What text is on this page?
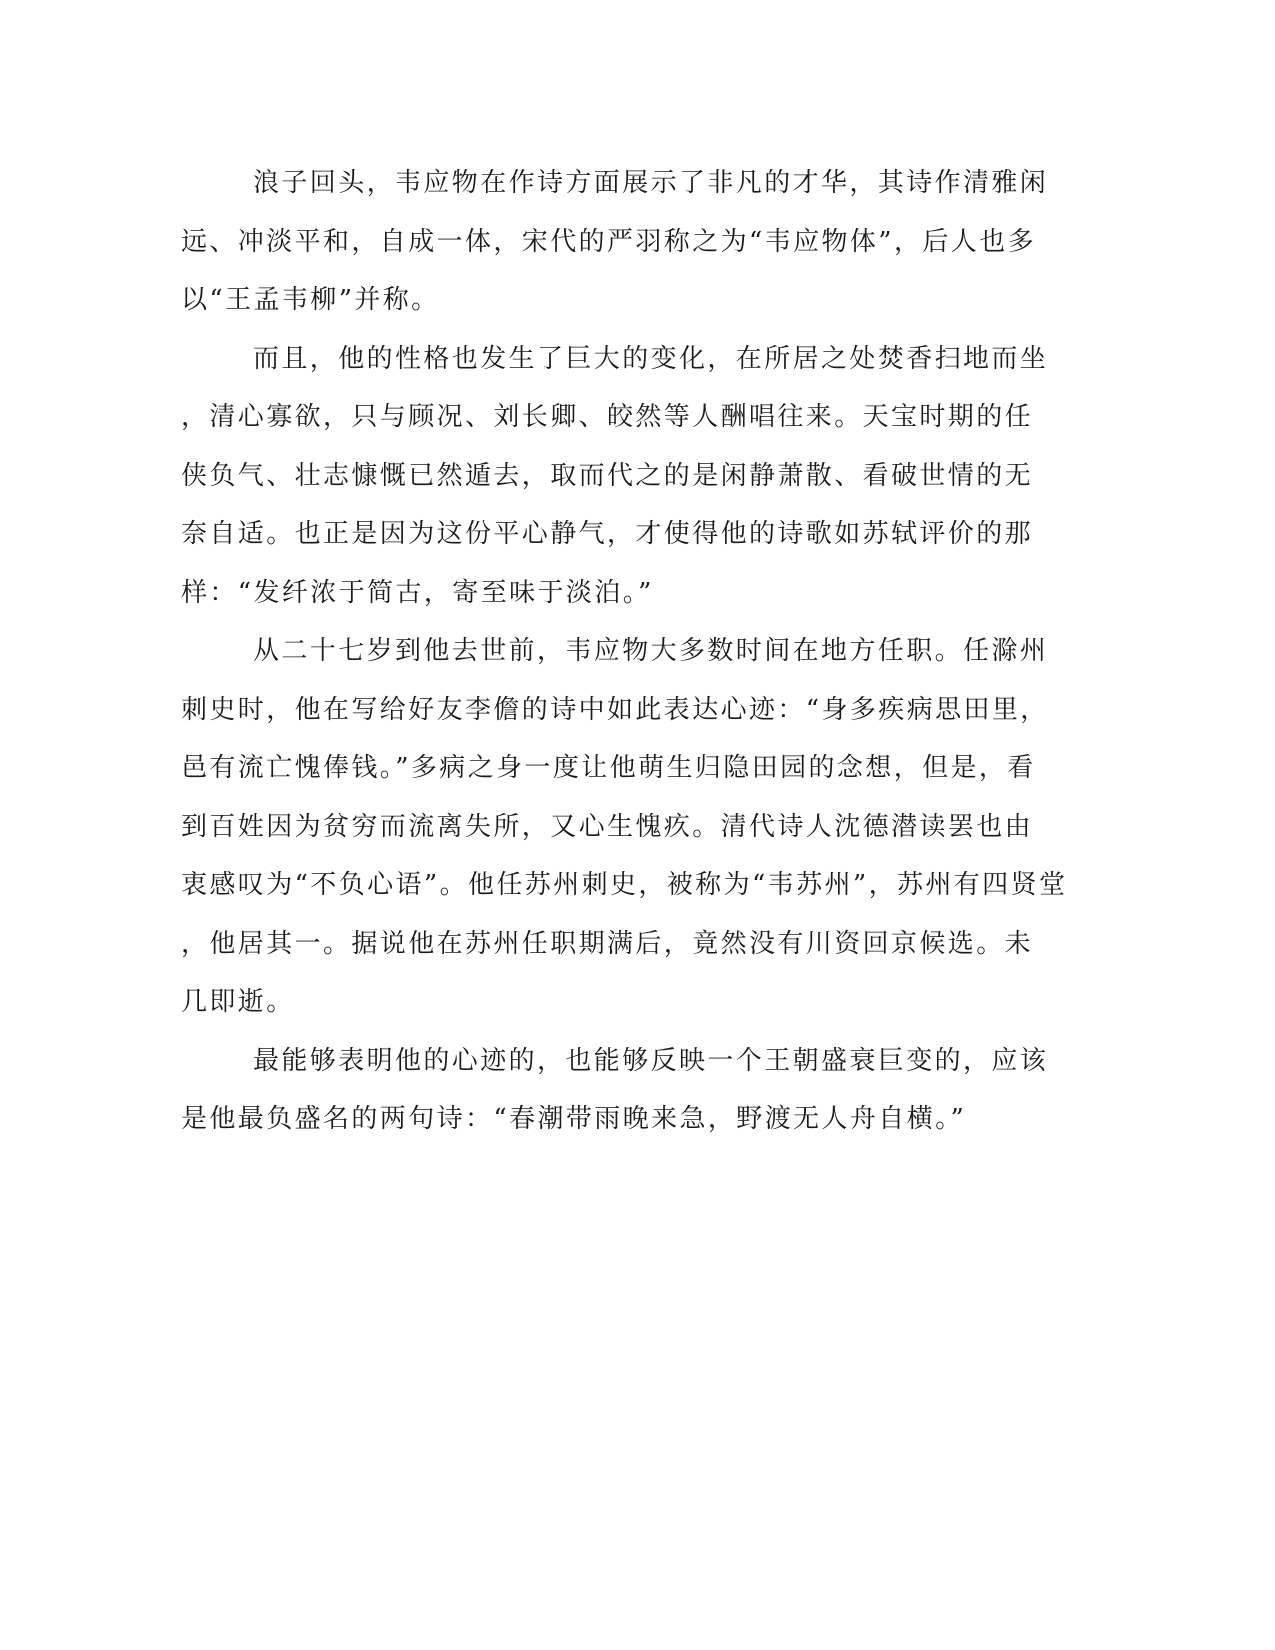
浪子回头，韦应物在作诗方面展示了非凡的才华，其诗作清雅闲
远、冲淡平和，自成一体，宋代的严羽称之为“韦应物体”，后人也多
以“王孟韦柳”并称。
而且，他的性格也发生了巨大的变化，在所居之处焚香扫地而坐
，清心寡欲，只与顾况、刘长卿、皎然等人酬唱往来。天宝时期的任
侠负气、壮志慷慨已然遁去，取而代之的是闲静萧散、看破世情的无
奈自适。也正是因为这份平心静气，才使得他的诗歌如苏轼评价的那
样：“发纤浓于简古，寄至味于淡泊。”
从二十七岁到他去世前，韦应物大多数时间在地方任职。任滁州
刺史时，他在写给好友李儋的诗中如此表达心迹：“身多疾病思田里，
邑有流亡愧俸钱。”多病之身一度让他萌生归隐田园的念想，但是，看
到百姓因为贫穷而流离失所，又心生愧疚。清代诗人沈德潜读罢也由
衷感叹为“不负心语”。他任苏州刺史，被称为“韦苏州”，苏州有四贤堂
，他居其一。据说他在苏州任职期满后，竟然没有川资回京候选。未
几即逝。
最能够表明他的心迹的，也能够反映一个王朝盛衰巨变的，应该
是他最负盛名的两句诗：“春潮带雨晚来急，野渡无人舟自横。”
